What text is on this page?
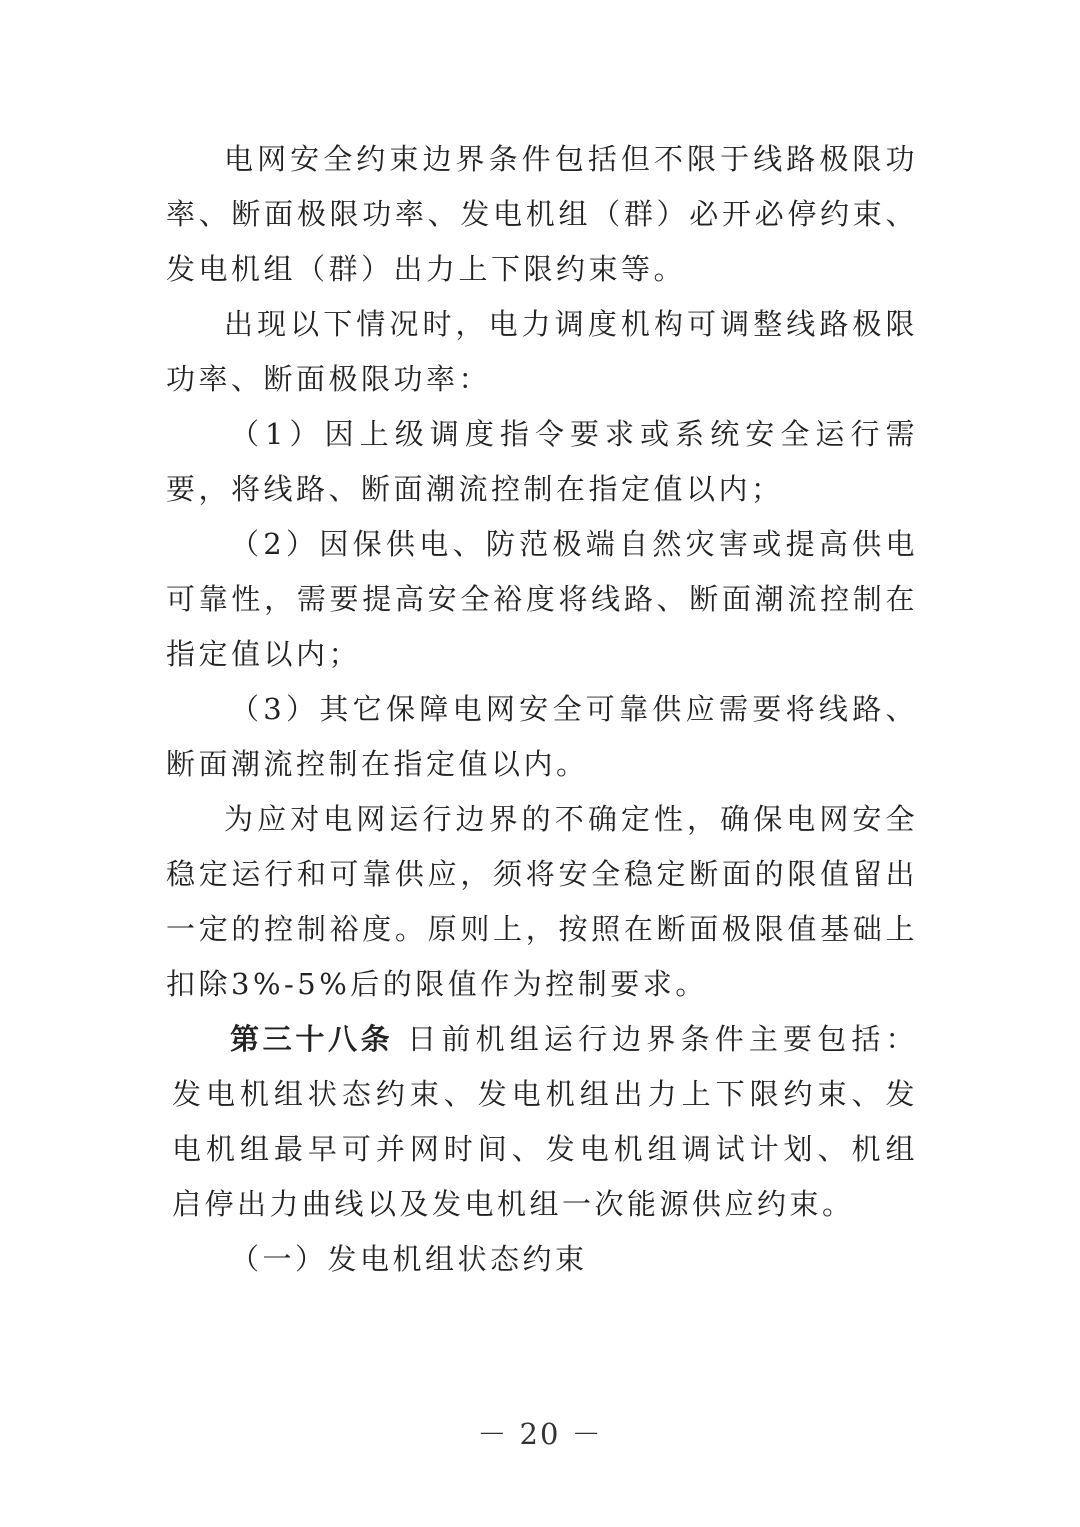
电网安全约束边界条件包括但不限于线路极限功率、断面极限功率、发电机组（群）必开必停约束、发电机组（群）出力上下限约束等。

出现以下情况时，电力调度机构可调整线路极限功率、断面极限功率：

（1）因上级调度指令要求或系统安全运行需要，将线路、断面潮流控制在指定值以内；

（2）因保供电、防范极端自然灾害或提高供电可靠性，需要提高安全裕度将线路、断面潮流控制在指定值以内；

（3）其它保障电网安全可靠供应需要将线路、断面潮流控制在指定值以内。

为应对电网运行边界的不确定性，确保电网安全稳定运行和可靠供应，须将安全稳定断面的限值留出一定的控制裕度。原则上，按照在断面极限值基础上扣除3%-5%后的限值作为控制要求。

第三十八条 日前机组运行边界条件主要包括：发电机组状态约束、发电机组出力上下限约束、发电机组最早可并网时间、发电机组调试计划、机组启停出力曲线以及发电机组一次能源供应约束。

（一）发电机组状态约束

－ 20 －
